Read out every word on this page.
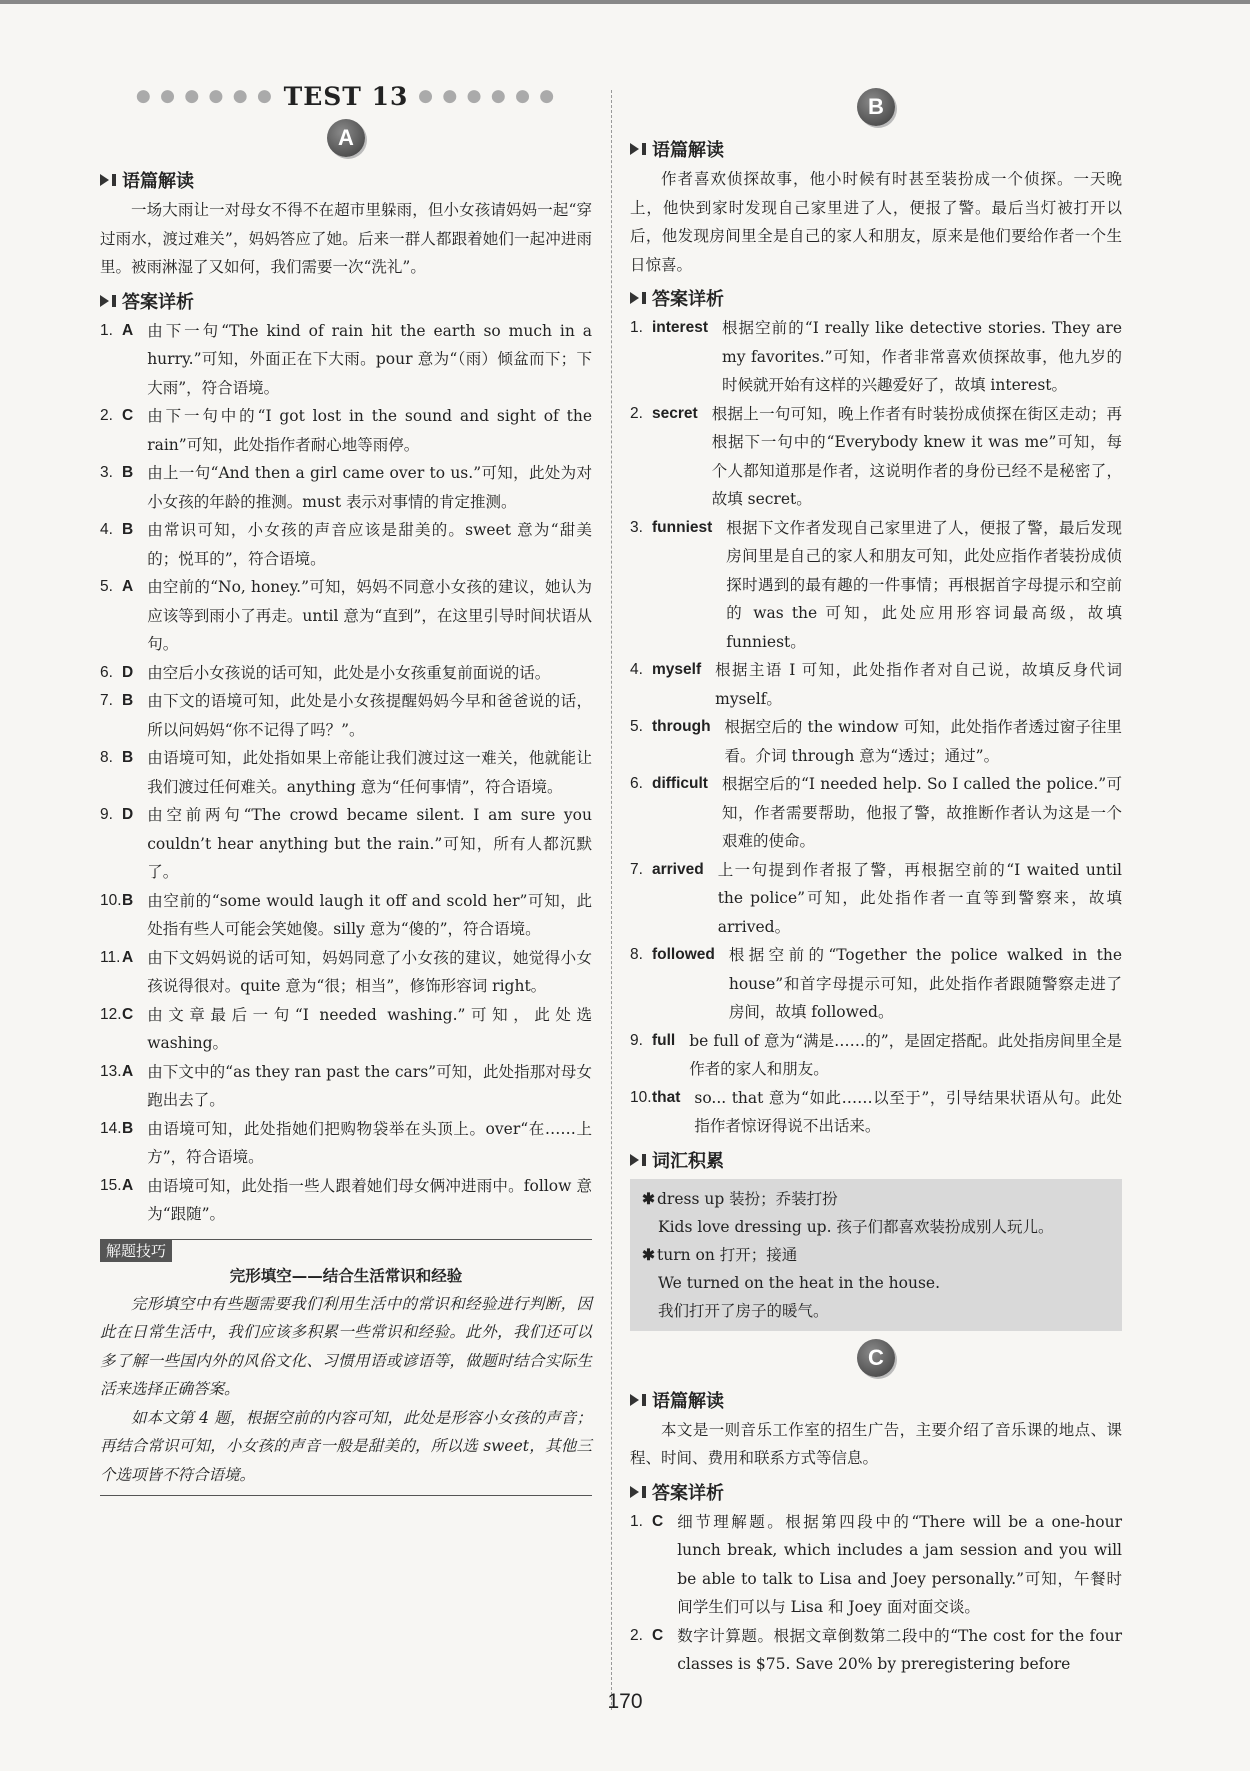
● ● ● ● ● ● TEST 13 ● ● ● ● ● ●
A
语篇解读

一场大雨让一对母女不得不在超市里躲雨，但小女孩请妈妈一起“穿过雨水，渡过难关”，妈妈答应了她。后来一群人都跟着她们一起冲进雨里。被雨淋湿了又如何，我们需要一次“洗礼”。

答案详析
1. A 由下一句“The kind of rain hit the earth so much in a hurry.”可知，外面正在下大雨。pour 意为“（雨）倾盆而下；下大雨”，符合语境。
2. C 由下一句中的“I got lost in the sound and sight of the rain”可知，此处指作者耐心地等雨停。
3. B 由上一句“And then a girl came over to us.”可知，此处为对小女孩的年龄的推测。must 表示对事情的肯定推测。
4. B 由常识可知，小女孩的声音应该是甜美的。sweet 意为“甜美的；悦耳的”，符合语境。
5. A 由空前的“No, honey.”可知，妈妈不同意小女孩的建议，她认为应该等到雨小了再走。until 意为“直到”，在这里引导时间状语从句。
6. D 由空后小女孩说的话可知，此处是小女孩重复前面说的话。
7. B 由下文的语境可知，此处是小女孩提醒妈妈今早和爸爸说的话，所以问妈妈“你不记得了吗？”。
8. B 由语境可知，此处指如果上帝能让我们渡过这一难关，他就能让我们渡过任何难关。anything 意为“任何事情”，符合语境。
9. D 由空前两句“The crowd became silent. I am sure you couldn’t hear anything but the rain.”可知，所有人都沉默了。
10. B 由空前的“some would laugh it off and scold her”可知，此处指有些人可能会笑她傻。silly 意为“傻的”，符合语境。
11. A 由下文妈妈说的话可知，妈妈同意了小女孩的建议，她觉得小女孩说得很对。quite 意为“很；相当”，修饰形容词 right。
12. C 由文章最后一句“I needed washing.”可知，此处选 washing。
13. A 由下文中的“as they ran past the cars”可知，此处指那对母女跑出去了。
14. B 由语境可知，此处指她们把购物袋举在头顶上。over“在……上方”，符合语境。
15. A 由语境可知，此处指一些人跟着她们母女俩冲进雨中。follow 意为“跟随”。
解题技巧
完形填空——结合生活常识和经验

完形填空中有些题需要我们利用生活中的常识和经验进行判断，因此在日常生活中，我们应该多积累一些常识和经验。此外，我们还可以多了解一些国内外的风俗文化、习惯用语或谚语等，做题时结合实际生活来选择正确答案。

如本文第 4 题，根据空前的内容可知，此处是形容小女孩的声音；再结合常识可知，小女孩的声音一般是甜美的，所以选 sweet，其他三个选项皆不符合语境。

B
语篇解读

作者喜欢侦探故事，他小时候有时甚至装扮成一个侦探。一天晚上，他快到家时发现自己家里进了人，便报了警。最后当灯被打开以后，他发现房间里全是自己的家人和朋友，原来是他们要给作者一个生日惊喜。

答案详析
1. interest 根据空前的“I really like detective stories. They are my favorites.”可知，作者非常喜欢侦探故事，他九岁的时候就开始有这样的兴趣爱好了，故填 interest。
2. secret 根据上一句可知，晚上作者有时装扮成侦探在街区走动；再根据下一句中的“Everybody knew it was me”可知，每个人都知道那是作者，这说明作者的身份已经不是秘密了，故填 secret。
3. funniest 根据下文作者发现自己家里进了人，便报了警，最后发现房间里是自己的家人和朋友可知，此处应指作者装扮成侦探时遇到的最有趣的一件事情；再根据首字母提示和空前的 was the 可知，此处应用形容词最高级，故填 funniest。
4. myself 根据主语 I 可知，此处指作者对自己说，故填反身代词 myself。
5. through 根据空后的 the window 可知，此处指作者透过窗子往里看。介词 through 意为“透过；通过”。
6. difficult 根据空后的“I needed help. So I called the police.”可知，作者需要帮助，他报了警，故推断作者认为这是一个艰难的使命。
7. arrived 上一句提到作者报了警，再根据空前的“I waited until the police”可知，此处指作者一直等到警察来，故填 arrived。
8. followed 根据空前的“Together the police walked in the house”和首字母提示可知，此处指作者跟随警察走进了房间，故填 followed。
9. full be full of 意为“满是……的”，是固定搭配。此处指房间里全是作者的家人和朋友。
10. that so... that 意为“如此……以至于”，引导结果状语从句。此处指作者惊讶得说不出话来。
词汇积累
✱ dress up 装扮；乔装打扮
Kids love dressing up. 孩子们都喜欢装扮成别人玩儿。
✱ turn on 打开；接通
We turned on the heat in the house.
我们打开了房子的暖气。
C
语篇解读

本文是一则音乐工作室的招生广告，主要介绍了音乐课的地点、课程、时间、费用和联系方式等信息。

答案详析
1. C 细节理解题。根据第四段中的“There will be a one-hour lunch break, which includes a jam session and you will be able to talk to Lisa and Joey personally.”可知，午餐时间学生们可以与 Lisa 和 Joey 面对面交谈。
2. C 数字计算题。根据文章倒数第二段中的“The cost for the four classes is $75. Save 20% by preregistering before
170
